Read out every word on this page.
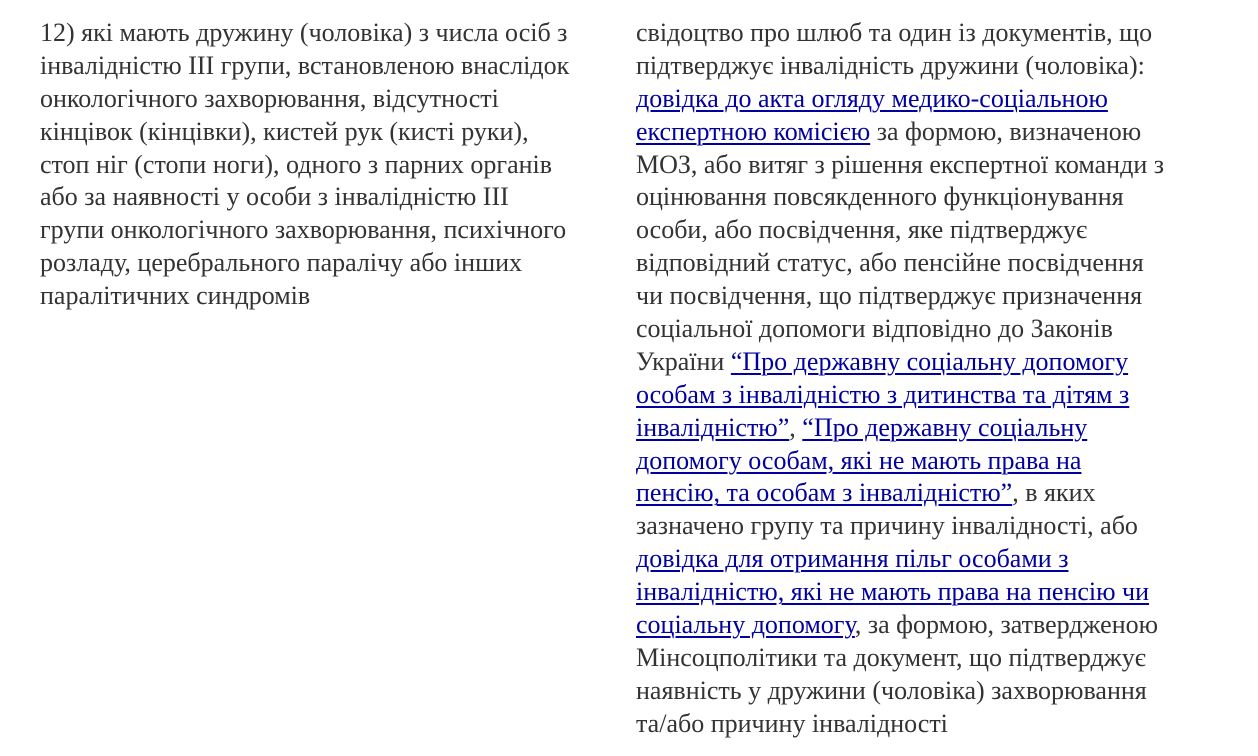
12) які мають дружину (чоловіка) з числа осіб з
інвалідністю III групи, встановленою внаслідок
онкологічного захворювання, відсутності
кінцівок (кінцівки), кистей рук (кисті руки),
стоп ніг (стопи ноги), одного з парних органів
або за наявності у особи з інвалідністю III
групи онкологічного захворювання, психічного
розладу, церебрального паралічу або інших
паралітичних синдромів
свідоцтво про шлюб та один із документів, що
підтверджує інвалідність дружини (чоловіка):
довідка до акта огляду медико-соціальною
експертною комісією за формою, визначеною
МОЗ, або витяг з рішення експертної команди з
оцінювання повсякденного функціонування
особи, або посвідчення, яке підтверджує
відповідний статус, або пенсійне посвідчення
чи посвідчення, що підтверджує призначення
соціальної допомоги відповідно до Законів
України “Про державну соціальну допомогу
особам з інвалідністю з дитинства та дітям з
інвалідністю”, “Про державну соціальну
допомогу особам, які не мають права на
пенсію, та особам з інвалідністю”, в яких
зазначено групу та причину інвалідності, або
довідка для отримання пільг особами з
інвалідністю, які не мають права на пенсію чи
соціальну допомогу, за формою, затвердженою
Мінсоцполітики та документ, що підтверджує
наявність у дружини (чоловіка) захворювання
та/або причину інвалідності
